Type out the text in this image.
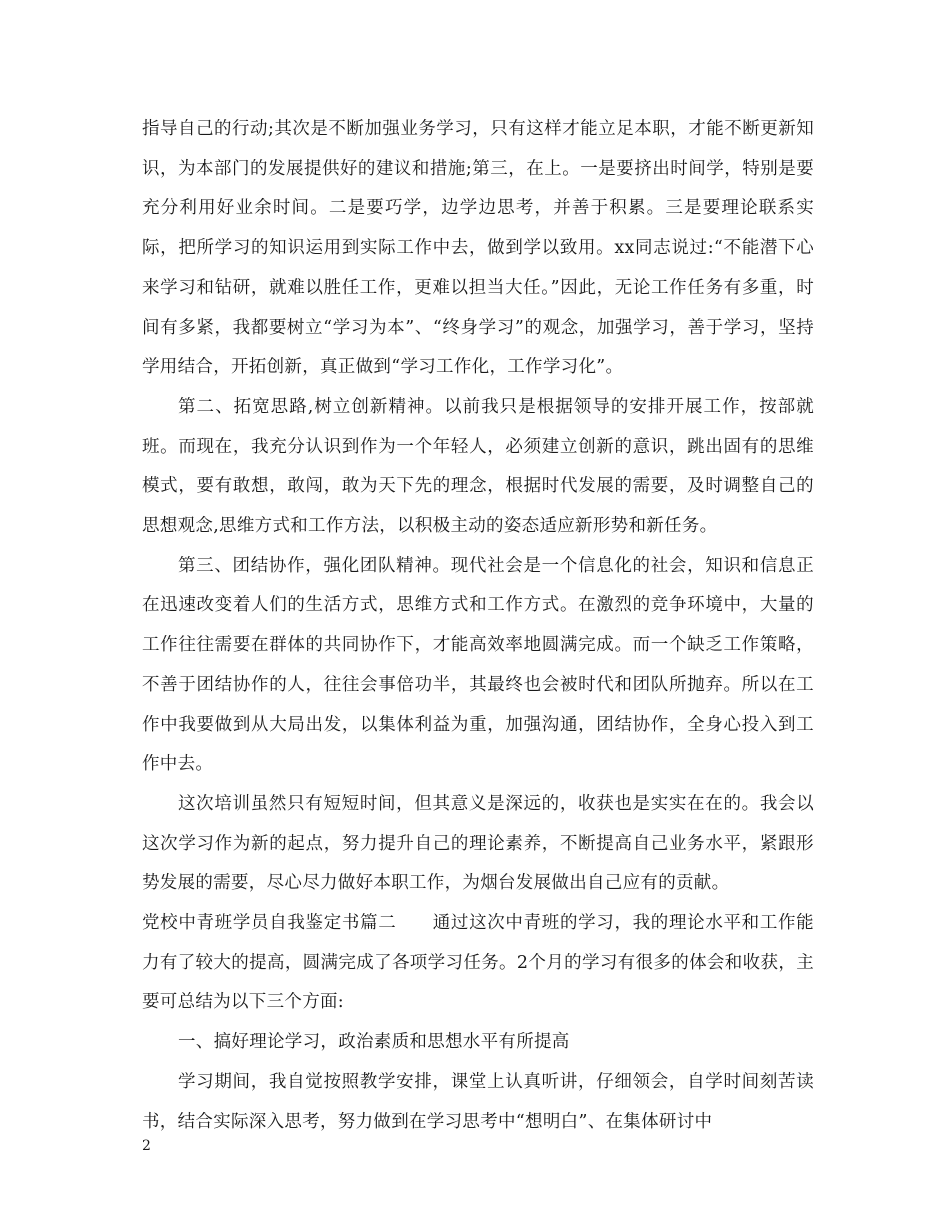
指导自己的行动;其次是不断加强业务学习，只有这样才能立足本职，才能不断更新知识，为本部门的发展提供好的建议和措施;第三，在上。一是要挤出时间学，特别是要充分利用好业余时间。二是要巧学，边学边思考，并善于积累。三是要理论联系实际，把所学习的知识运用到实际工作中去，做到学以致用。xx同志说过:“不能潜下心来学习和钻研，就难以胜任工作，更难以担当大任。”因此，无论工作任务有多重，时间有多紧，我都要树立“学习为本”、“终身学习”的观念，加强学习，善于学习，坚持学用结合，开拓创新，真正做到“学习工作化，工作学习化”。

第二、拓宽思路,树立创新精神。以前我只是根据领导的安排开展工作，按部就班。而现在，我充分认识到作为一个年轻人，必须建立创新的意识，跳出固有的思维模式，要有敢想，敢闯，敢为天下先的理念，根据时代发展的需要，及时调整自己的思想观念,思维方式和工作方法，以积极主动的姿态适应新形势和新任务。

第三、团结协作，强化团队精神。现代社会是一个信息化的社会，知识和信息正在迅速改变着人们的生活方式，思维方式和工作方式。在激烈的竞争环境中，大量的工作往往需要在群体的共同协作下，才能高效率地圆满完成。而一个缺乏工作策略，不善于团结协作的人，往往会事倍功半，其最终也会被时代和团队所抛弃。所以在工作中我要做到从大局出发，以集体利益为重，加强沟通，团结协作，全身心投入到工作中去。

这次培训虽然只有短短时间，但其意义是深远的，收获也是实实在在的。我会以这次学习作为新的起点，努力提升自己的理论素养，不断提高自己业务水平，紧跟形势发展的需要，尽心尽力做好本职工作，为烟台发展做出自己应有的贡献。

党校中青班学员自我鉴定书篇二　　通过这次中青班的学习，我的理论水平和工作能力有了较大的提高，圆满完成了各项学习任务。2个月的学习有很多的体会和收获，主要可总结为以下三个方面:

一、搞好理论学习，政治素质和思想水平有所提高

学习期间，我自觉按照教学安排，课堂上认真听讲，仔细领会，自学时间刻苦读书，结合实际深入思考，努力做到在学习思考中“想明白”、在集体研讨中

2
